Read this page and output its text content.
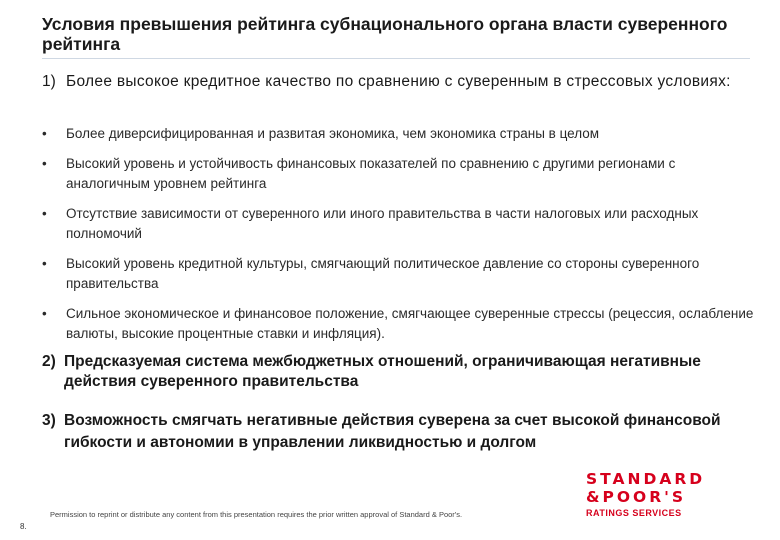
Условия превышения рейтинга субнационального органа власти суверенного рейтинга
1) Более высокое кредитное качество по сравнению с суверенным в стрессовых условиях:
•	Более диверсифицированная и развитая экономика, чем экономика страны в целом
•	Высокий уровень и устойчивость финансовых показателей по сравнению с другими регионами с аналогичным уровнем рейтинга
•	Отсутствие зависимости от суверенного или иного правительства в части налоговых или расходных полномочий
•	Высокий уровень кредитной культуры, смягчающий политическое давление со стороны суверенного правительства
•	Сильное экономическое и финансовое положение, смягчающее суверенные стрессы (рецессия, ослабление валюты, высокие процентные ставки и инфляция).
2) Предсказуемая система межбюджетных отношений, ограничивающая негативные действия суверенного правительства
3) Возможность смягчать негативные действия суверена за счет высокой финансовой гибкости и автономии в управлении ликвидностью и долгом
STANDARD
&POOR'S
RATINGS SERVICES
Permission to reprint or distribute any content from this presentation requires the prior written approval of Standard & Poor's.
8.
